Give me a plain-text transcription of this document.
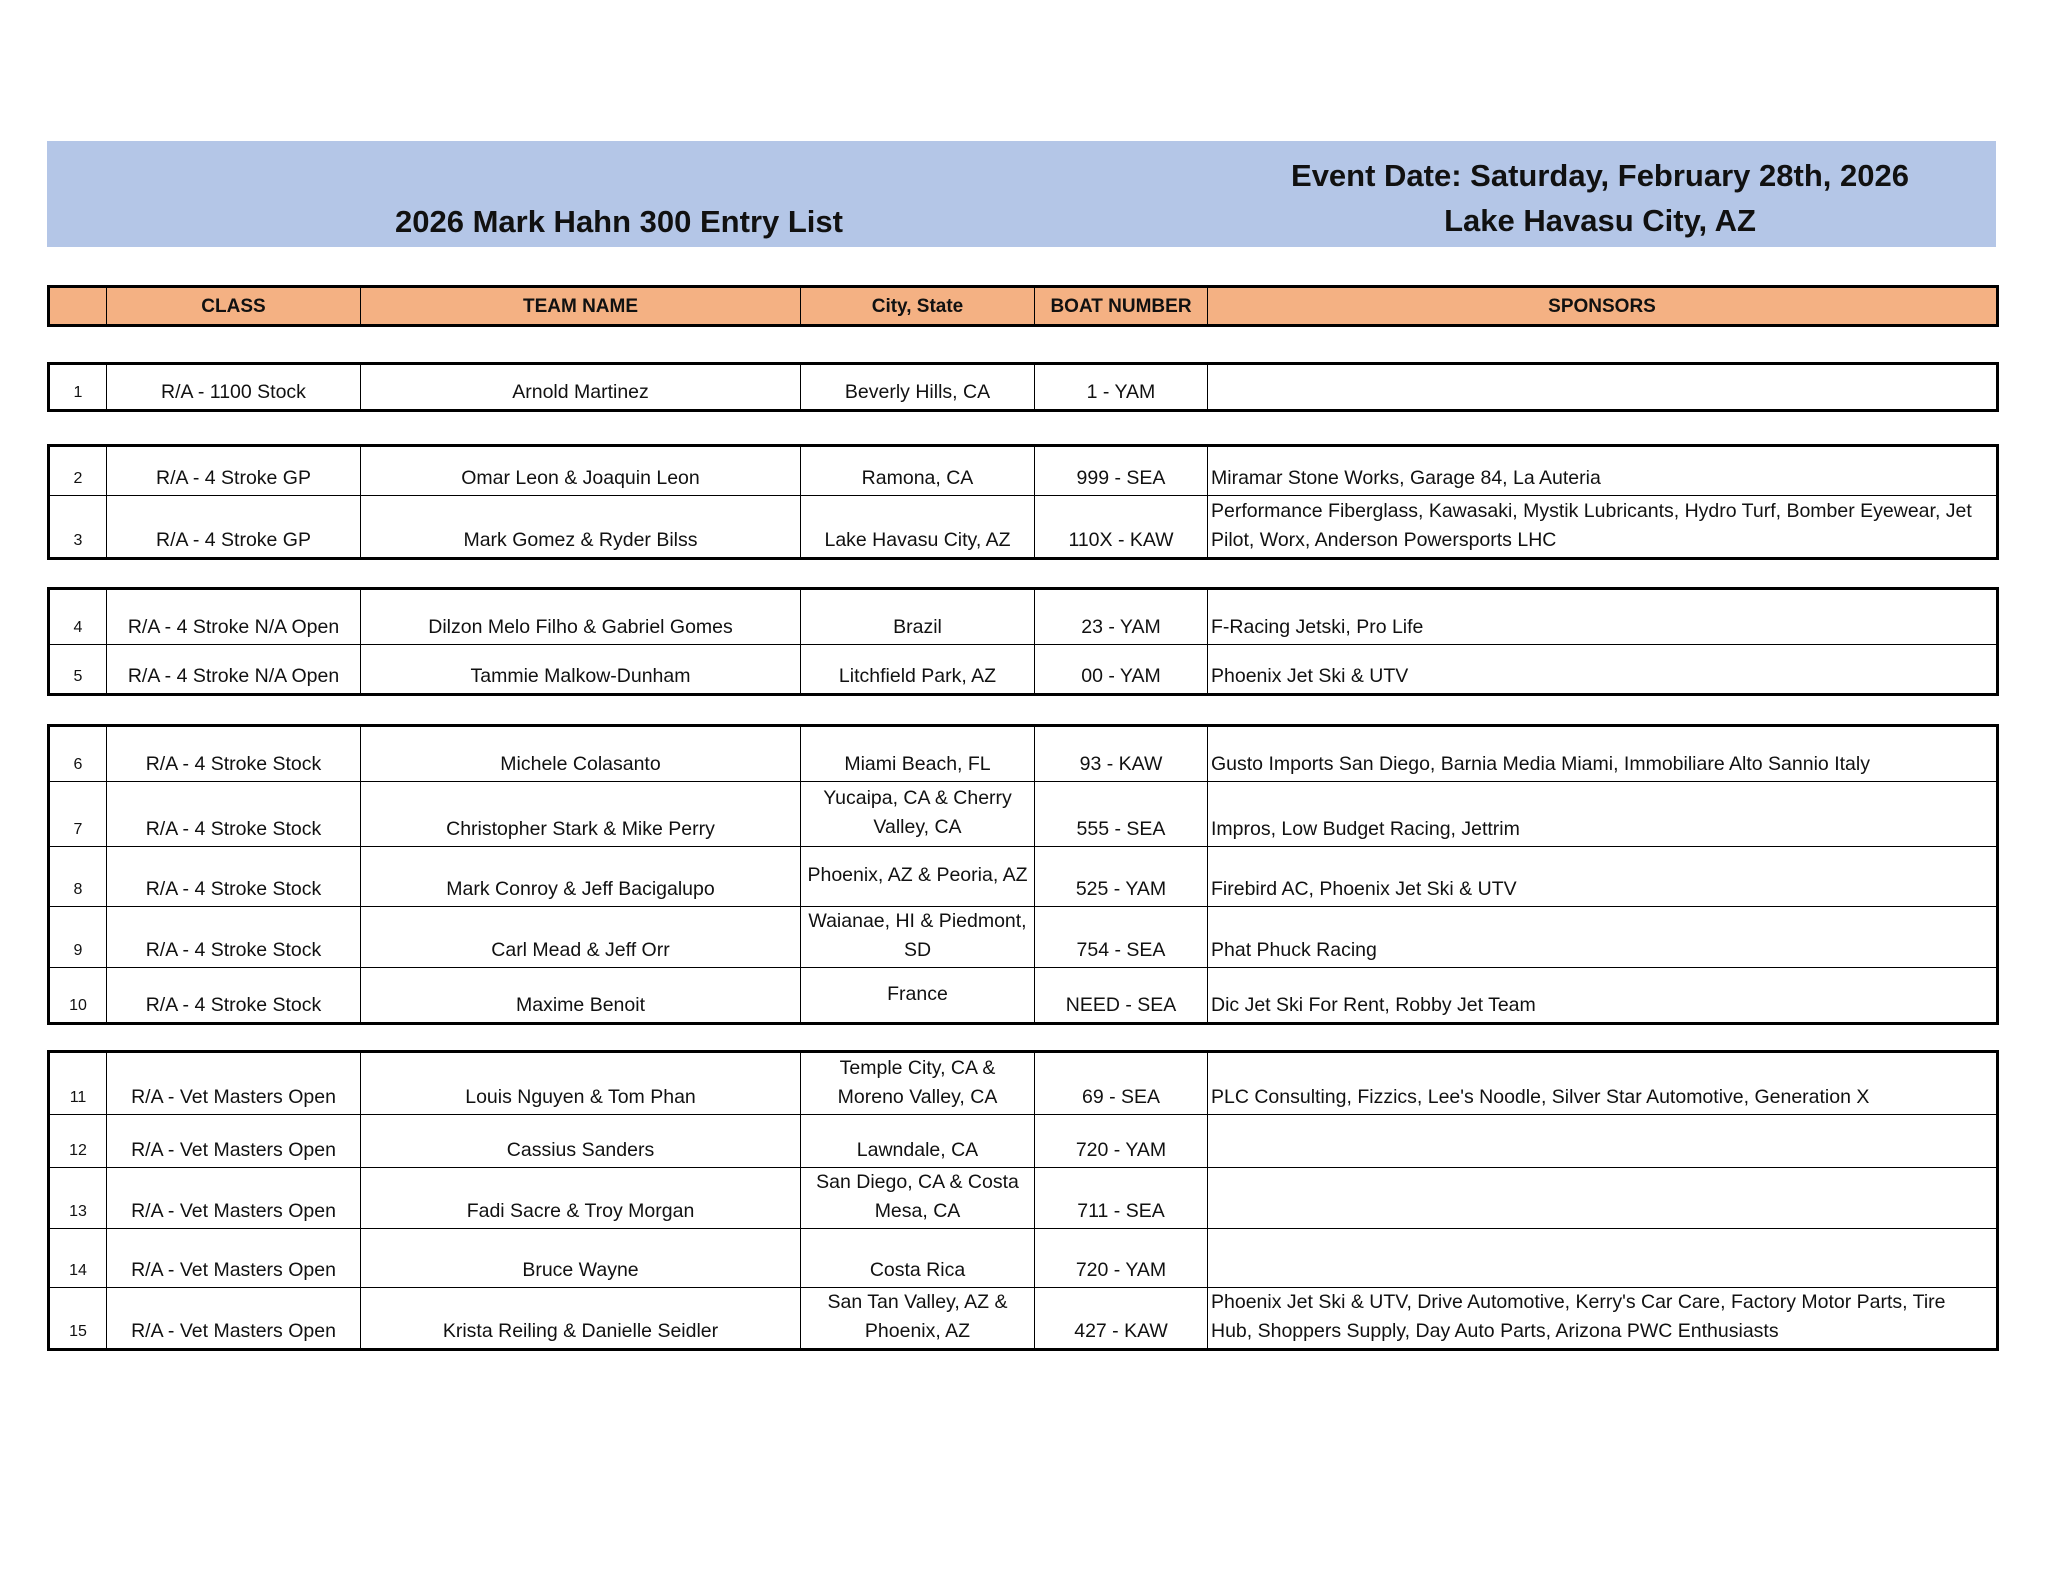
2026 Mark Hahn 300 Entry List
Event Date: Saturday, February 28th, 2026
Lake Havasu City, AZ
	CLASS	TEAM NAME	City, State	BOAT NUMBER	SPONSORS
1	R/A - 1100 Stock	Arnold Martinez	Beverly Hills, CA	1 - YAM	
2	R/A - 4 Stroke GP	Omar Leon & Joaquin Leon	Ramona, CA	999 - SEA	Miramar Stone Works, Garage 84, La Auteria
3	R/A - 4 Stroke GP	Mark Gomez & Ryder Bilss	Lake Havasu City, AZ	110X - KAW	Performance Fiberglass, Kawasaki, Mystik Lubricants, Hydro Turf, Bomber Eyewear, Jet Pilot, Worx, Anderson Powersports LHC
4	R/A - 4 Stroke N/A Open	Dilzon Melo Filho & Gabriel Gomes	Brazil	23 - YAM	F-Racing Jetski, Pro Life
5	R/A - 4 Stroke N/A Open	Tammie Malkow-Dunham	Litchfield Park, AZ	00 - YAM	Phoenix Jet Ski & UTV
6	R/A - 4 Stroke Stock	Michele Colasanto	Miami Beach, FL	93 - KAW	Gusto Imports San Diego, Barnia Media Miami, Immobiliare Alto Sannio Italy
7	R/A - 4 Stroke Stock	Christopher Stark & Mike Perry	Yucaipa, CA & Cherry Valley, CA	555 - SEA	Impros, Low Budget Racing, Jettrim
8	R/A - 4 Stroke Stock	Mark Conroy & Jeff Bacigalupo	Phoenix, AZ & Peoria, AZ	525 - YAM	Firebird AC, Phoenix Jet Ski & UTV
9	R/A - 4 Stroke Stock	Carl Mead & Jeff Orr	Waianae, HI & Piedmont, SD	754 - SEA	Phat Phuck Racing
10	R/A - 4 Stroke Stock	Maxime Benoit	France	NEED - SEA	Dic Jet Ski For Rent, Robby Jet Team
11	R/A - Vet Masters Open	Louis Nguyen & Tom Phan	Temple City, CA & Moreno Valley, CA	69 - SEA	PLC Consulting, Fizzics, Lee's Noodle, Silver Star Automotive, Generation X
12	R/A - Vet Masters Open	Cassius Sanders	Lawndale, CA	720 - YAM	
13	R/A - Vet Masters Open	Fadi Sacre & Troy Morgan	San Diego, CA & Costa Mesa, CA	711 - SEA	
14	R/A - Vet Masters Open	Bruce Wayne	Costa Rica	720 - YAM	
15	R/A - Vet Masters Open	Krista Reiling & Danielle Seidler	San Tan Valley, AZ & Phoenix, AZ	427 - KAW	Phoenix Jet Ski & UTV, Drive Automotive, Kerry's Car Care, Factory Motor Parts, Tire Hub, Shoppers Supply, Day Auto Parts, Arizona PWC Enthusiasts
